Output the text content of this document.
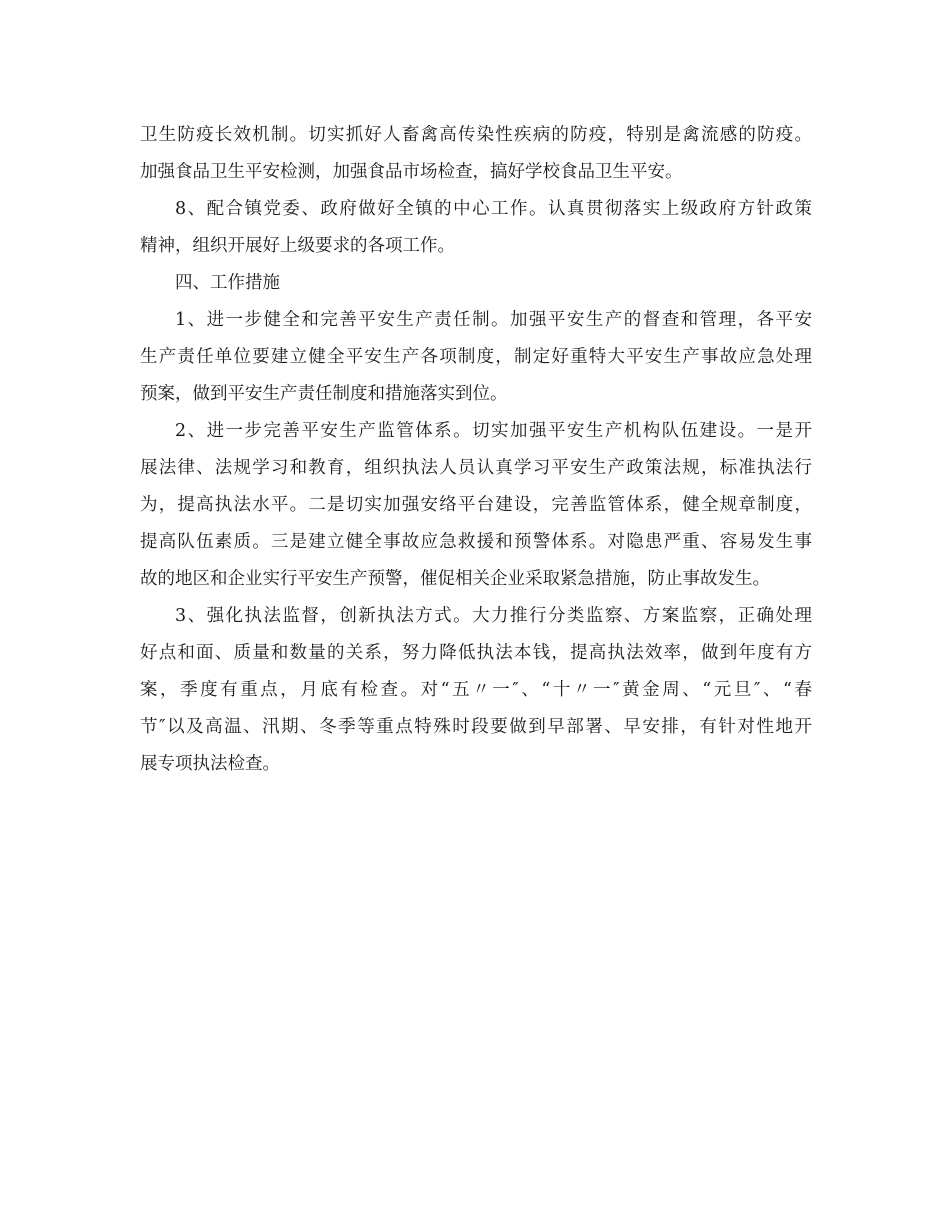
卫生防疫长效机制。切实抓好人畜禽高传染性疾病的防疫，特别是禽流感的防疫。
加强食品卫生平安检测，加强食品市场检查，搞好学校食品卫生平安。
8、配合镇党委、政府做好全镇的中心工作。认真贯彻落实上级政府方针政策
精神，组织开展好上级要求的各项工作。
四、工作措施
1、进一步健全和完善平安生产责任制。加强平安生产的督查和管理，各平安
生产责任单位要建立健全平安生产各项制度，制定好重特大平安生产事故应急处理
预案，做到平安生产责任制度和措施落实到位。
2、进一步完善平安生产监管体系。切实加强平安生产机构队伍建设。一是开
展法律、法规学习和教育，组织执法人员认真学习平安生产政策法规，标准执法行
为，提高执法水平。二是切实加强安络平台建设，完善监管体系，健全规章制度，
提高队伍素质。三是建立健全事故应急救援和预警体系。对隐患严重、容易发生事
故的地区和企业实行平安生产预警，催促相关企业采取紧急措施，防止事故发生。
3、强化执法监督，创新执法方式。大力推行分类监察、方案监察，正确处理
好点和面、质量和数量的关系，努力降低执法本钱，提高执法效率，做到年度有方
案，季度有重点，月底有检查。对“五〃一″、“十〃一″黄金周、“元旦″、“春
节″以及高温、汛期、冬季等重点特殊时段要做到早部署、早安排，有针对性地开
展专项执法检查。
